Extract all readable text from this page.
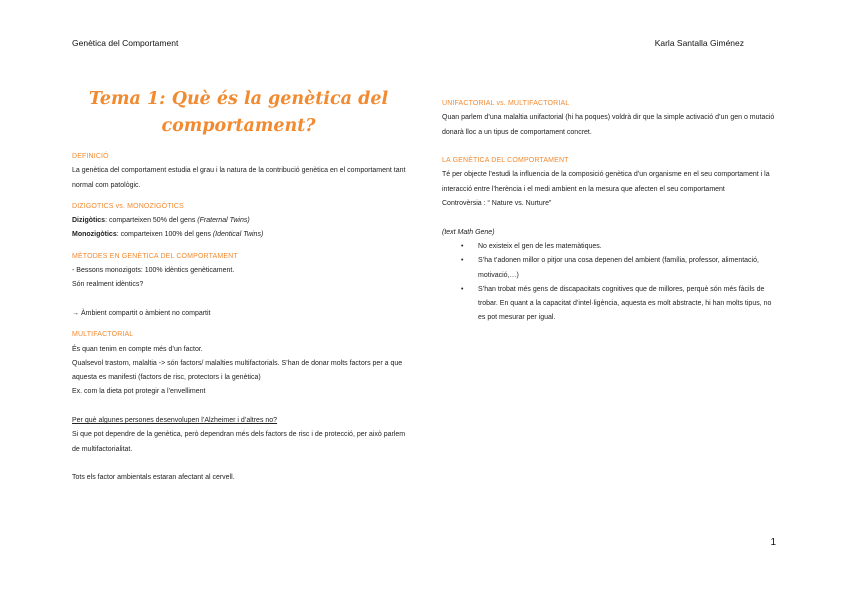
Genètica del Comportament	Karla Santalla Giménez
Tema 1: Què és la genètica del
comportament?
DEFINICIÓ

La genètica del comportament estudia el grau i la natura de la contribució genètica en el comportament tant normal com patològic.

DIZIGOTICS vs. MONOZIGÒTICS

Dizigòtics: comparteixen 50% del gens (Fraternal Twins)

Monozigòtics: comparteixen 100% del gens (Identical Twins)

MÈTODES EN GENÈTICA DEL COMPORTAMENT

- Bessons monozigots: 100% idèntics genèticament.

Són realment idèntics?

→ Àmbient compartit o àmbient no compartit

MULTIFACTORIAL

És quan tenim en compte més d’un factor.

Qualsevol trastorn, malaltia -> són factors/ malalties multifactorials. S’han de donar molts factors per a que aquesta es manifesti (factors de risc, protectors i la genètica)

Ex. com la dieta pot protegir a l’envelliment

Per què algunes persones desenvolupen l’Alzheimer i d’altres no?

Si que pot dependre de la genètica, però dependran més dels factors de risc i de protecció, per això parlem de multifactorialitat.

Tots els factor ambientals estaran afectant al cervell.

UNIFACTORIAL vs. MULTIFACTORIAL

Quan parlem d’una malaltia unifactorial (hi ha poques) voldrà dir que la simple activació d’un gen o mutació donarà lloc a un tipus de comportament concret.

LA GENÈTICA DEL COMPORTAMENT

Té per objecte l’estudi la influencia de la composició genètica d’un organisme en el seu comportament i la interacció entre l’herència i el medi ambient en la mesura que afecten el seu comportament

Controvèrsia : “ Nature vs. Nurture”

(text Math Gene)

• No existeix el gen de les matemàtiques.
• S’ha t’adonen millor o pitjor una cosa depenen del ambient (família, professor, alimentació, motivació,…)
• S’han trobat més gens de discapacitats cognitives que de millores, perquè són més fàcils de trobar. En quant a la capacitat d’intel·ligència, aquesta es molt abstracte, hi han molts tipus, no es pot mesurar per igual.
1
